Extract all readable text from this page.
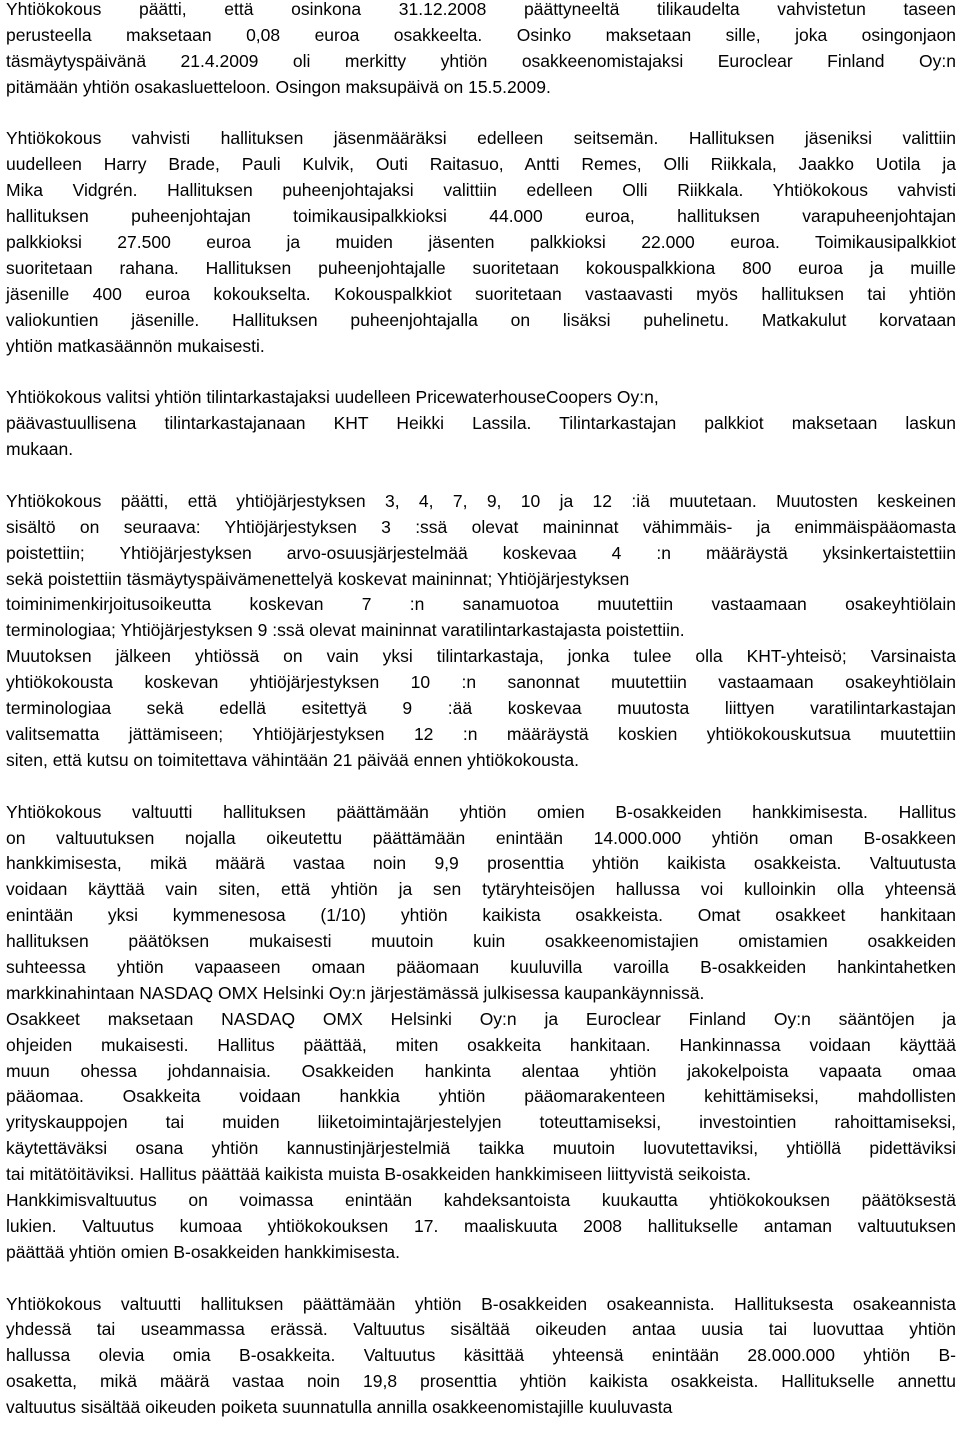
Yhtiökokous päätti, että osinkona 31.12.2008 päättyneeltä tilikaudelta vahvistetun taseen
perusteella maksetaan 0,08 euroa osakkeelta. Osinko maksetaan sille, joka osingonjaon
täsmäytyspäivänä 21.4.2009 oli merkitty yhtiön osakkeenomistajaksi Euroclear Finland Oy:n
pitämään yhtiön osakasluetteloon. Osingon maksupäivä on 15.5.2009.
Yhtiökokous vahvisti hallituksen jäsenmääräksi edelleen seitsemän. Hallituksen jäseniksi valittiin
uudelleen Harry Brade, Pauli Kulvik, Outi Raitasuo, Antti Remes, Olli Riikkala, Jaakko Uotila ja
Mika Vidgrén. Hallituksen puheenjohtajaksi valittiin edelleen Olli Riikkala. Yhtiökokous vahvisti
hallituksen puheenjohtajan toimikausipalkkioksi 44.000 euroa, hallituksen varapuheenjohtajan
palkkioksi 27.500 euroa ja muiden jäsenten palkkioksi 22.000 euroa. Toimikausipalkkiot
suoritetaan rahana. Hallituksen puheenjohtajalle suoritetaan kokouspalkkiona 800 euroa ja muille
jäsenille 400 euroa kokoukselta. Kokouspalkkiot suoritetaan vastaavasti myös hallituksen tai yhtiön
valiokuntien jäsenille. Hallituksen puheenjohtajalla on lisäksi puhelinetu. Matkakulut korvataan
yhtiön matkasäännön mukaisesti.
Yhtiökokous valitsi yhtiön tilintarkastajaksi uudelleen PricewaterhouseCoopers Oy:n,
päävastuullisena tilintarkastajanaan KHT Heikki Lassila. Tilintarkastajan palkkiot maksetaan laskun
mukaan.
Yhtiökokous päätti, että yhtiöjärjestyksen 3, 4, 7, 9, 10 ja 12 :iä muutetaan. Muutosten keskeinen
sisältö on seuraava: Yhtiöjärjestyksen 3 :ssä olevat maininnat vähimmäis- ja enimmäispääomasta
poistettiin; Yhtiöjärjestyksen arvo-osuusjärjestelmää koskevaa 4 :n määräystä yksinkertaistettiin
sekä poistettiin täsmäytyspäivämenettelyä koskevat maininnat; Yhtiöjärjestyksen
toiminimenkirjoitusoikeutta koskevan 7 :n sanamuotoa muutettiin vastaamaan osakeyhtiölain
terminologiaa; Yhtiöjärjestyksen 9 :ssä olevat maininnat varatilintarkastajasta poistettiin.
Muutoksen jälkeen yhtiössä on vain yksi tilintarkastaja, jonka tulee olla KHT-yhteisö; Varsinaista
yhtiökokousta koskevan yhtiöjärjestyksen 10 :n sanonnat muutettiin vastaamaan osakeyhtiölain
terminologiaa sekä edellä esitettyä 9 :ää koskevaa muutosta liittyen varatilintarkastajan
valitsematta jättämiseen; Yhtiöjärjestyksen 12 :n määräystä koskien yhtiökokouskutsua muutettiin
siten, että kutsu on toimitettava vähintään 21 päivää ennen yhtiökokousta.
Yhtiökokous valtuutti hallituksen päättämään yhtiön omien B-osakkeiden hankkimisesta. Hallitus
on valtuutuksen nojalla oikeutettu päättämään enintään 14.000.000 yhtiön oman B-osakkeen
hankkimisesta, mikä määrä vastaa noin 9,9 prosenttia yhtiön kaikista osakkeista. Valtuutusta
voidaan käyttää vain siten, että yhtiön ja sen tytäryhteisöjen hallussa voi kulloinkin olla yhteensä
enintään yksi kymmenesosa (1/10) yhtiön kaikista osakkeista. Omat osakkeet hankitaan
hallituksen päätöksen mukaisesti muutoin kuin osakkeenomistajien omistamien osakkeiden
suhteessa yhtiön vapaaseen omaan pääomaan kuuluvilla varoilla B-osakkeiden hankintahetken
markkinahintaan NASDAQ OMX Helsinki Oy:n järjestämässä julkisessa kaupankäynnissä.
Osakkeet maksetaan NASDAQ OMX Helsinki Oy:n ja Euroclear Finland Oy:n sääntöjen ja
ohjeiden mukaisesti. Hallitus päättää, miten osakkeita hankitaan. Hankinnassa voidaan käyttää
muun ohessa johdannaisia. Osakkeiden hankinta alentaa yhtiön jakokelpoista vapaata omaa
pääomaa. Osakkeita voidaan hankkia yhtiön pääomarakenteen kehittämiseksi, mahdollisten
yrityskauppojen tai muiden liiketoimintajärjestelyjen toteuttamiseksi, investointien rahoittamiseksi,
käytettäväksi osana yhtiön kannustinjärjestelmiä taikka muutoin luovutettaviksi, yhtiöllä pidettäviksi
tai mitätöitäviksi. Hallitus päättää kaikista muista B-osakkeiden hankkimiseen liittyvistä seikoista.
Hankkimisvaltuutus on voimassa enintään kahdeksantoista kuukautta yhtiökokouksen päätöksestä
lukien. Valtuutus kumoaa yhtiökokouksen 17. maaliskuuta 2008 hallitukselle antaman valtuutuksen
päättää yhtiön omien B-osakkeiden hankkimisesta.
Yhtiökokous valtuutti hallituksen päättämään yhtiön B-osakkeiden osakeannista. Hallituksesta osakeannista
yhdessä tai useammassa erässä. Valtuutus sisältää oikeuden antaa uusia tai luovuttaa yhtiön
hallussa olevia omia B-osakkeita. Valtuutus käsittää yhteensä enintään 28.000.000 yhtiön B-
osaketta, mikä määrä vastaa noin 19,8 prosenttia yhtiön kaikista osakkeista. Hallitukselle annettu
valtuutus sisältää oikeuden poiketa suunnatulla annilla osakkeenomistajille kuuluvasta
